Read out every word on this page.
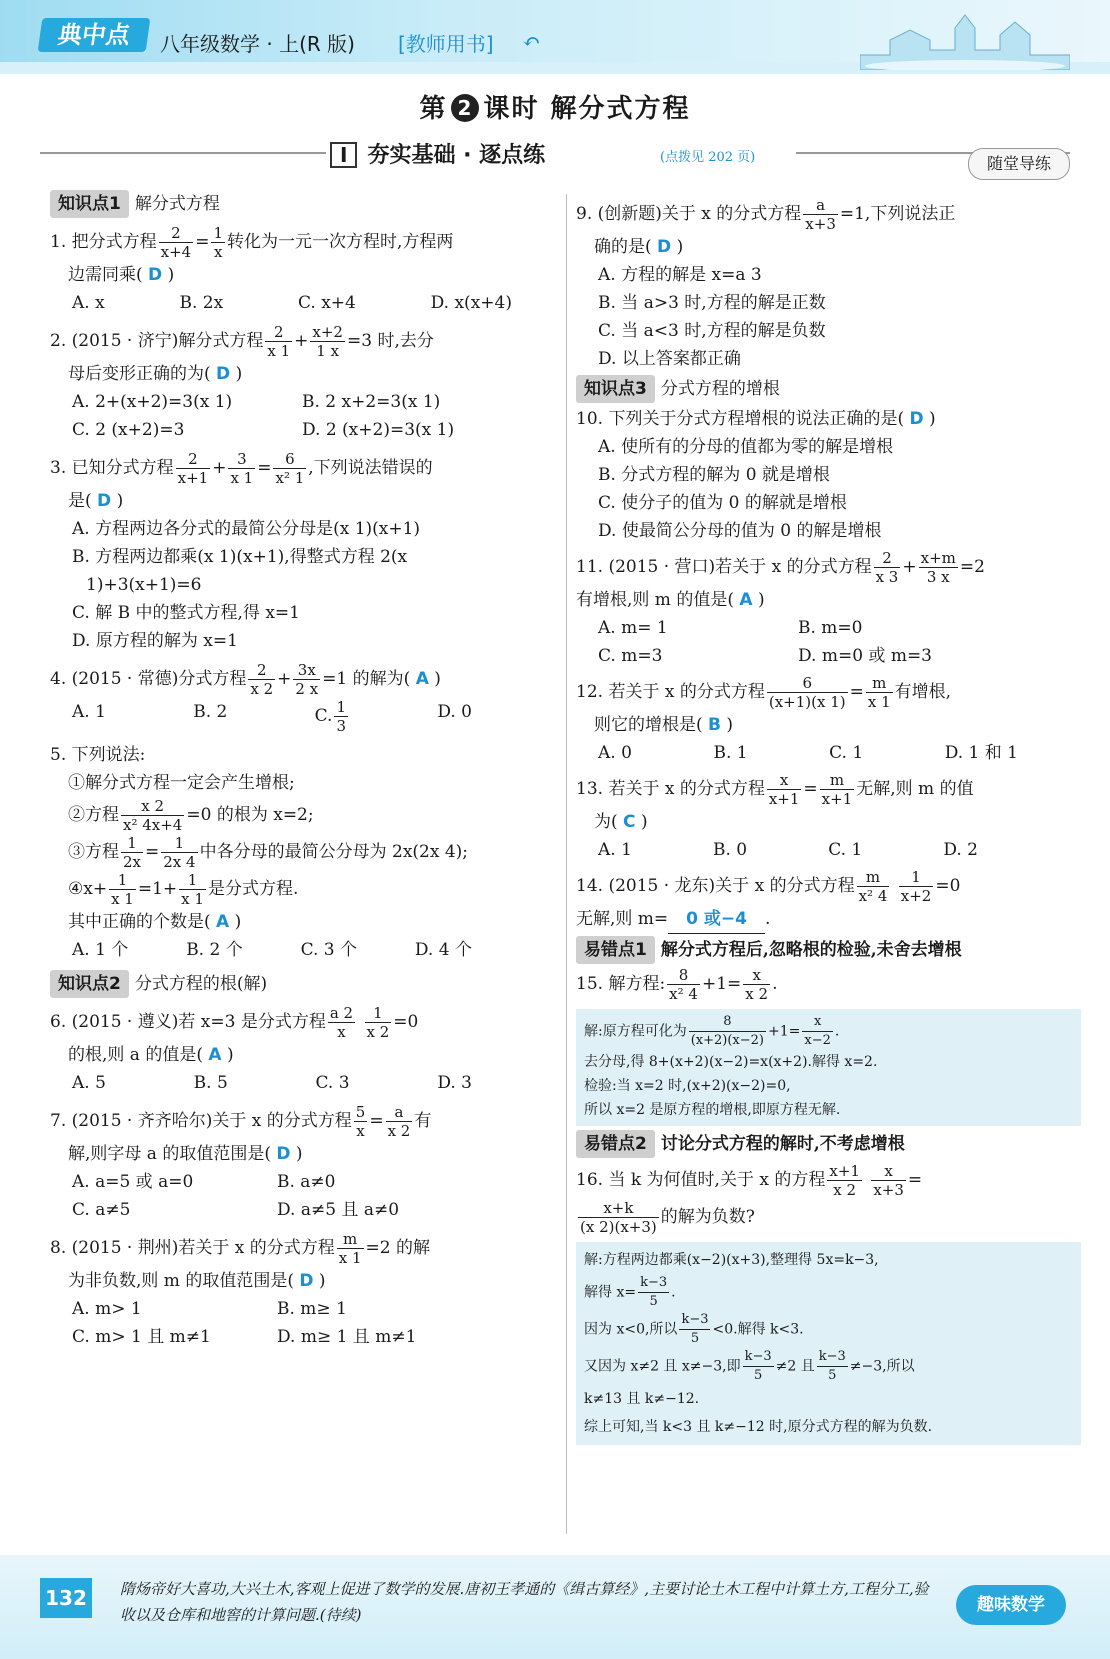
典中点	八年级数学 · 上(R 版) [教师用书] ↶
第 2 课时 解分式方程
I 夯实基础 · 逐点练	(点拨见 202 页)	随堂导练
知识点1 解分式方程
1. 把分式方程 $\frac{2}{x+4} = \frac{1}{x}$ 转化为一元一次方程时,方程两
边需同乘( D )
A. x	B. 2x	C. x+4	D. x(x+4)
2. (2015 · 济宁)解分式方程 $\frac{2}{x 1} + \frac{x+2}{1 x} =3$ 时,去分
母后变形正确的为( D )
A. 2+(x+2)=3(x 1)	B. 2 x+2=3(x 1)
C. 2 (x+2)=3	D. 2 (x+2)=3(x 1)
3. 已知分式方程 $\frac{2}{x+1} + \frac{3}{x 1} = \frac{6}{\text{x² 1}}$ ,下列说法错误的
是( D )
A. 方程两边各分式的最简公分母是(x 1)(x+1)
B. 方程两边都乘(x 1)(x+1),得整式方程 2(x
1)+3(x+1)=6
C. 解 B 中的整式方程,得 x=1
D. 原方程的解为 x=1
4. (2015 · 常德)分式方程 $\frac{2}{x 2} + \frac{3x}{2 x} =1$ 的解为( A )
A. 1	B. 2	C. $\frac{1}{3}$	D. 0
5. 下列说法:
①解分式方程一定会产生增根;
②方程 $\frac{x 2}{\text{x² 4x+4}} =0$ 的根为 x=2;
③方程 $\frac{1}{2x} = \frac{1}{2x 4}$ 中各分母的最简公分母为 2x(2x 4);
④x+ $\frac{1}{x 1} =1+ \frac{1}{x 1}$ 是分式方程.
其中正确的个数是( A )
A. 1 个	B. 2 个	C. 3 个	D. 4 个
知识点2 分式方程的根(解)
6. (2015 · 遵义)若 x=3 是分式方程 $\frac{a 2}{x}$
$\frac{1}{x 2} =0$
的根,则 a 的值是( A )
A. 5	B. 5	C. 3	D. 3
7. (2015 · 齐齐哈尔)关于 x 的分式方程 $\frac{5}{x} = \frac{a}{x 2}$ 有
解,则字母 a 的取值范围是( D )
A. a=5 或 a=0	B. a≠0
C. a≠5	D. a≠5 且 a≠0
8. (2015 · 荆州)若关于 x 的分式方程 $\frac{m}{x 1} =2$ 的解
为非负数,则 m 的取值范围是( D )
A. m> 1	B. m≥ 1
C. m> 1 且 m≠1	D. m≥ 1 且 m≠1
9. (创新题)关于 x 的分式方程 $\frac{a}{x+3} =1$,下列说法正
确的是( D )
A. 方程的解是 x=a 3
B. 当 a>3 时,方程的解是正数
C. 当 a<3 时,方程的解是负数
D. 以上答案都正确
知识点3 分式方程的增根
10. 下列关于分式方程增根的说法正确的是( D )
A. 使所有的分母的值都为零的解是增根
B. 分式方程的解为 0 就是增根
C. 使分子的值为 0 的解就是增根
D. 使最简公分母的值为 0 的解是增根
11. (2015 · 营口)若关于 x 的分式方程 $\frac{2}{x 3} + \frac{x+m}{3 x} =2$
有增根,则 m 的值是( A )
A. m= 1	B. m=0
C. m=3	D. m=0 或 m=3
12. 若关于 x 的分式方程 $\frac{6}{(x+1)(x 1)} = \frac{m}{x 1}$ 有增根,
则它的增根是( B )
A. 0	B. 1	C. 1	D. 1 和 1
13. 若关于 x 的分式方程 $\frac{x}{x+1} = \frac{m}{x+1}$ 无解,则 m 的值
为( C )
A. 1	B. 0	C. 1	D. 2
14. (2015 · 龙东)关于 x 的分式方程 $\frac{m}{\text{x² 4}}$
$\frac{1}{x+2} =0$
无解,则 m= 0 或−4 .
易错点1 解分式方程后,忽略根的检验,未舍去增根
15. 解方程: $\frac{8}{\text{x² 4}} +1= \frac{x}{x 2}$ .
解:原方程可化为 $\frac{8}{(x+2)(x-2)} +1= \frac{x}{x-2}$ .
去分母,得 8+(x+2)(x−2)=x(x+2).解得 x=2.
检验:当 x=2 时,(x+2)(x−2)=0,
所以 x=2 是原方程的增根,即原方程无解.
易错点2 讨论分式方程的解时,不考虑增根
16. 当 k 为何值时,关于 x 的方程 $\frac{x+1}{x 2}$
$\frac{x}{x+3}$ =
$\frac{x+k}{(x 2)(x+3)}$ 的解为负数?
解:方程两边都乘(x−2)(x+3),整理得 5x=k−3,
解得 $x= \frac{k-3}{5}$ .
因为 x<0,所以 $\frac{k-3}{5} <0$.解得 k<3.
又因为 x≠2 且 x≠−3,即 $\frac{k-3}{5} \ne 2$ 且 $\frac{k-3}{5} \ne-3$,所以
k≠13 且 k≠−12.
综上可知,当 k<3 且 k≠−12 时,原分式方程的解为负数.
132	隋炀帝好大喜功,大兴土木,客观上促进了数学的发展.唐初王孝通的《缉古算经》,主要讨论土木工程中计算土方,工程分工,验收以及仓库和地窖的计算问题.(待续)	趣味数学
